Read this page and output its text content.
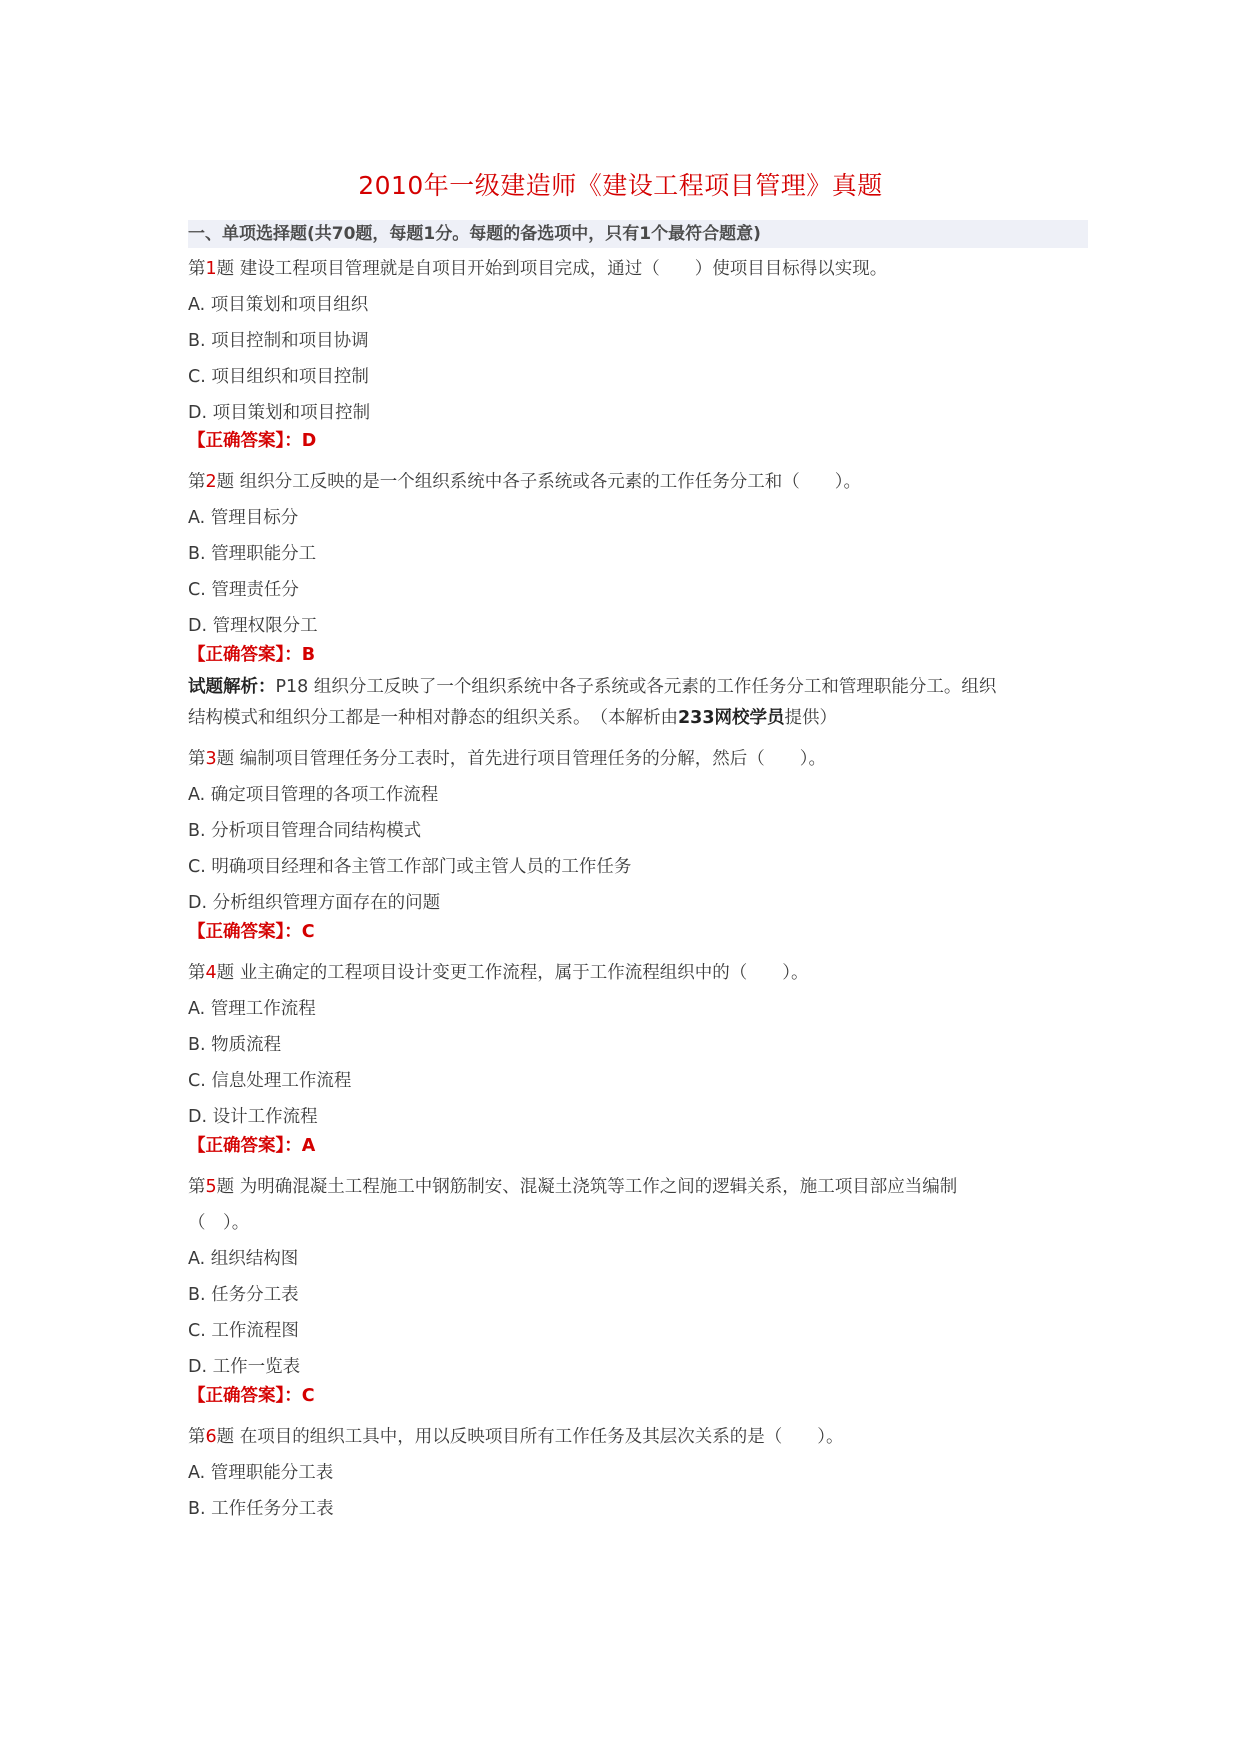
2010年一级建造师《建设工程项目管理》真题
一、单项选择题(共70题，每题1分。每题的备选项中，只有1个最符合题意)
第1题 建设工程项目管理就是自项目开始到项目完成，通过（　　）使项目目标得以实现。
A. 项目策划和项目组织
B. 项目控制和项目协调
C. 项目组织和项目控制
D. 项目策划和项目控制
【正确答案】：D
第2题 组织分工反映的是一个组织系统中各子系统或各元素的工作任务分工和（　　）。
A. 管理目标分
B. 管理职能分工
C. 管理责任分
D. 管理权限分工
【正确答案】：B
试题解析：P18 组织分工反映了一个组织系统中各子系统或各元素的工作任务分工和管理职能分工。组织
结构模式和组织分工都是一种相对静态的组织关系。　（本解析由233网校学员提供）
第3题 编制项目管理任务分工表时，首先进行项目管理任务的分解，然后（　　）。
A. 确定项目管理的各项工作流程
B. 分析项目管理合同结构模式
C. 明确项目经理和各主管工作部门或主管人员的工作任务
D. 分析组织管理方面存在的问题
【正确答案】：C
第4题 业主确定的工程项目设计变更工作流程，属于工作流程组织中的（　　）。
A. 管理工作流程
B. 物质流程
C. 信息处理工作流程
D. 设计工作流程
【正确答案】：A
第5题 为明确混凝土工程施工中钢筋制安、混凝土浇筑等工作之间的逻辑关系，施工项目部应当编制
（　）。
A. 组织结构图
B. 任务分工表
C. 工作流程图
D. 工作一览表
【正确答案】：C
第6题 在项目的组织工具中，用以反映项目所有工作任务及其层次关系的是（　　）。
A. 管理职能分工表
B. 工作任务分工表
